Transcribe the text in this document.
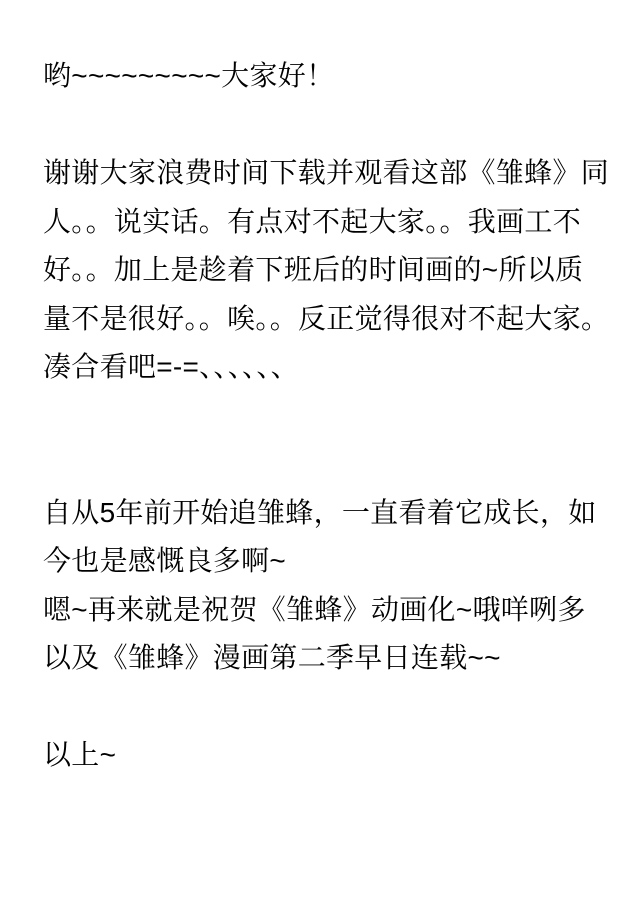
哟~~~~~~~~~大家好！
谢谢大家浪费时间下载并观看这部《雏蜂》同
人。。说实话。有点对不起大家。。我画工不
好。。加上是趁着下班后的时间画的~所以质
量不是很好。。唉。。反正觉得很对不起大家。
凑合看吧=-=、、、、、、
自从5年前开始追雏蜂，一直看着它成长，如
今也是感慨良多啊~
嗯~再来就是祝贺《雏蜂》动画化~哦咩咧多
以及《雏蜂》漫画第二季早日连载~~
以上~
